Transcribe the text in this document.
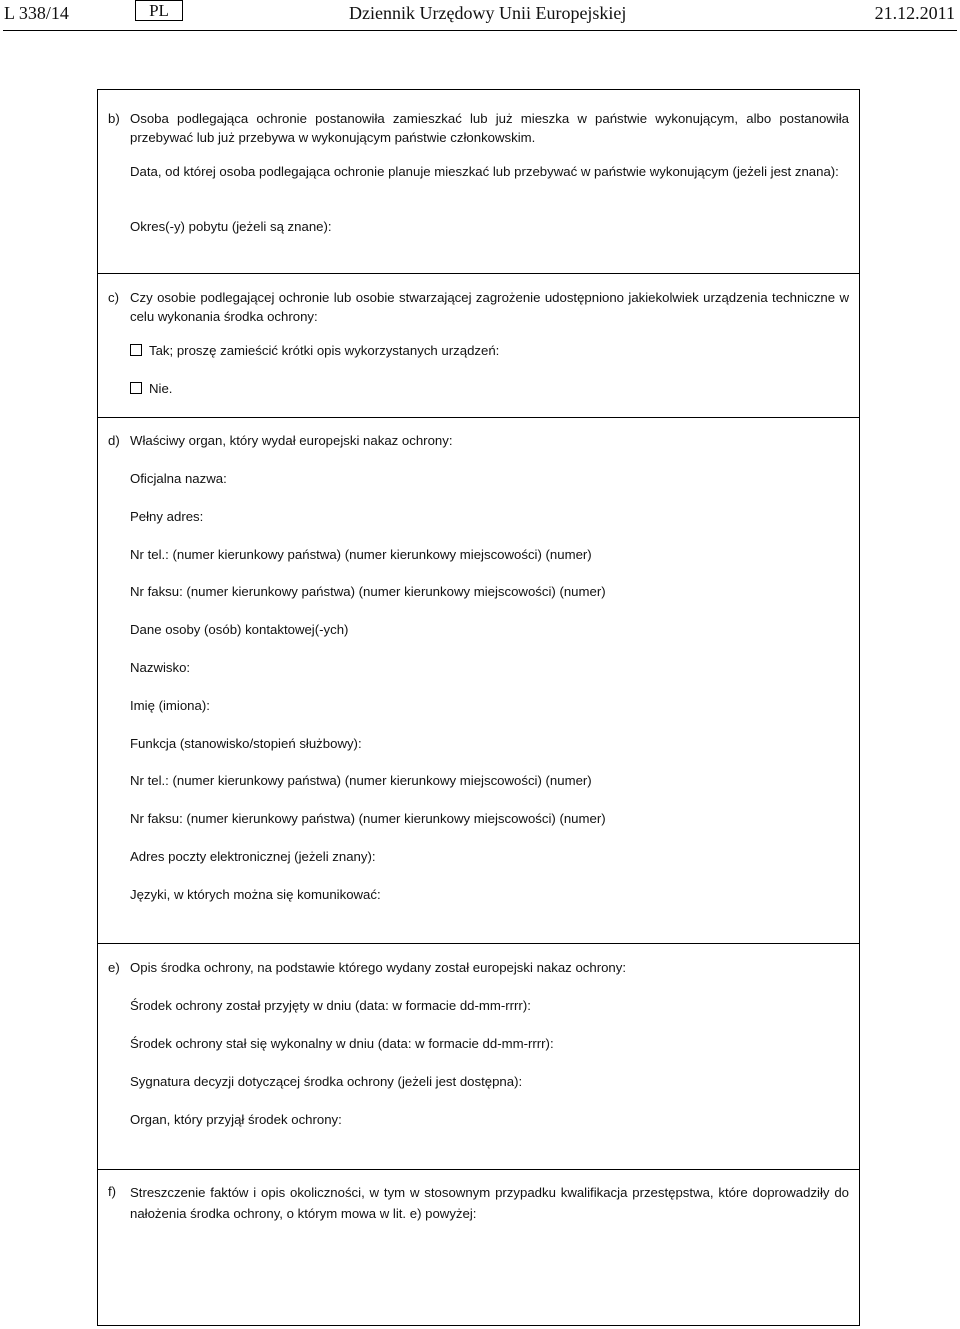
L 338/14	PL	Dziennik Urzędowy Unii Europejskiej	21.12.2011
b) Osoba podlegająca ochronie postanowiła zamieszkać lub już mieszka w państwie wykonującym, albo postanowiła przebywać lub już przebywa w wykonującym państwie członkowskim.
Data, od której osoba podlegająca ochronie planuje mieszkać lub przebywać w państwie wykonującym (jeżeli jest znana):
Okres(-y) pobytu (jeżeli są znane):
c) Czy osobie podlegającej ochronie lub osobie stwarzającej zagrożenie udostępniono jakiekolwiek urządzenia techniczne w celu wykonania środka ochrony:
Tak; proszę zamieścić krótki opis wykorzystanych urządzeń:
Nie.
d) Właściwy organ, który wydał europejski nakaz ochrony:
Oficjalna nazwa:
Pełny adres:
Nr tel.: (numer kierunkowy państwa) (numer kierunkowy miejscowości) (numer)
Nr faksu: (numer kierunkowy państwa) (numer kierunkowy miejscowości) (numer)
Dane osoby (osób) kontaktowej(-ych)
Nazwisko:
Imię (imiona):
Funkcja (stanowisko/stopień służbowy):
Nr tel.: (numer kierunkowy państwa) (numer kierunkowy miejscowości) (numer)
Nr faksu: (numer kierunkowy państwa) (numer kierunkowy miejscowości) (numer)
Adres poczty elektronicznej (jeżeli znany):
Języki, w których można się komunikować:
e) Opis środka ochrony, na podstawie którego wydany został europejski nakaz ochrony:
Środek ochrony został przyjęty w dniu (data: w formacie dd-mm-rrrr):
Środek ochrony stał się wykonalny w dniu (data: w formacie dd-mm-rrrr):
Sygnatura decyzji dotyczącej środka ochrony (jeżeli jest dostępna):
Organ, który przyjął środek ochrony:
f) Streszczenie faktów i opis okoliczności, w tym w stosownym przypadku kwalifikacja przestępstwa, które doprowadziły do nałożenia środka ochrony, o którym mowa w lit. e) powyżej:
